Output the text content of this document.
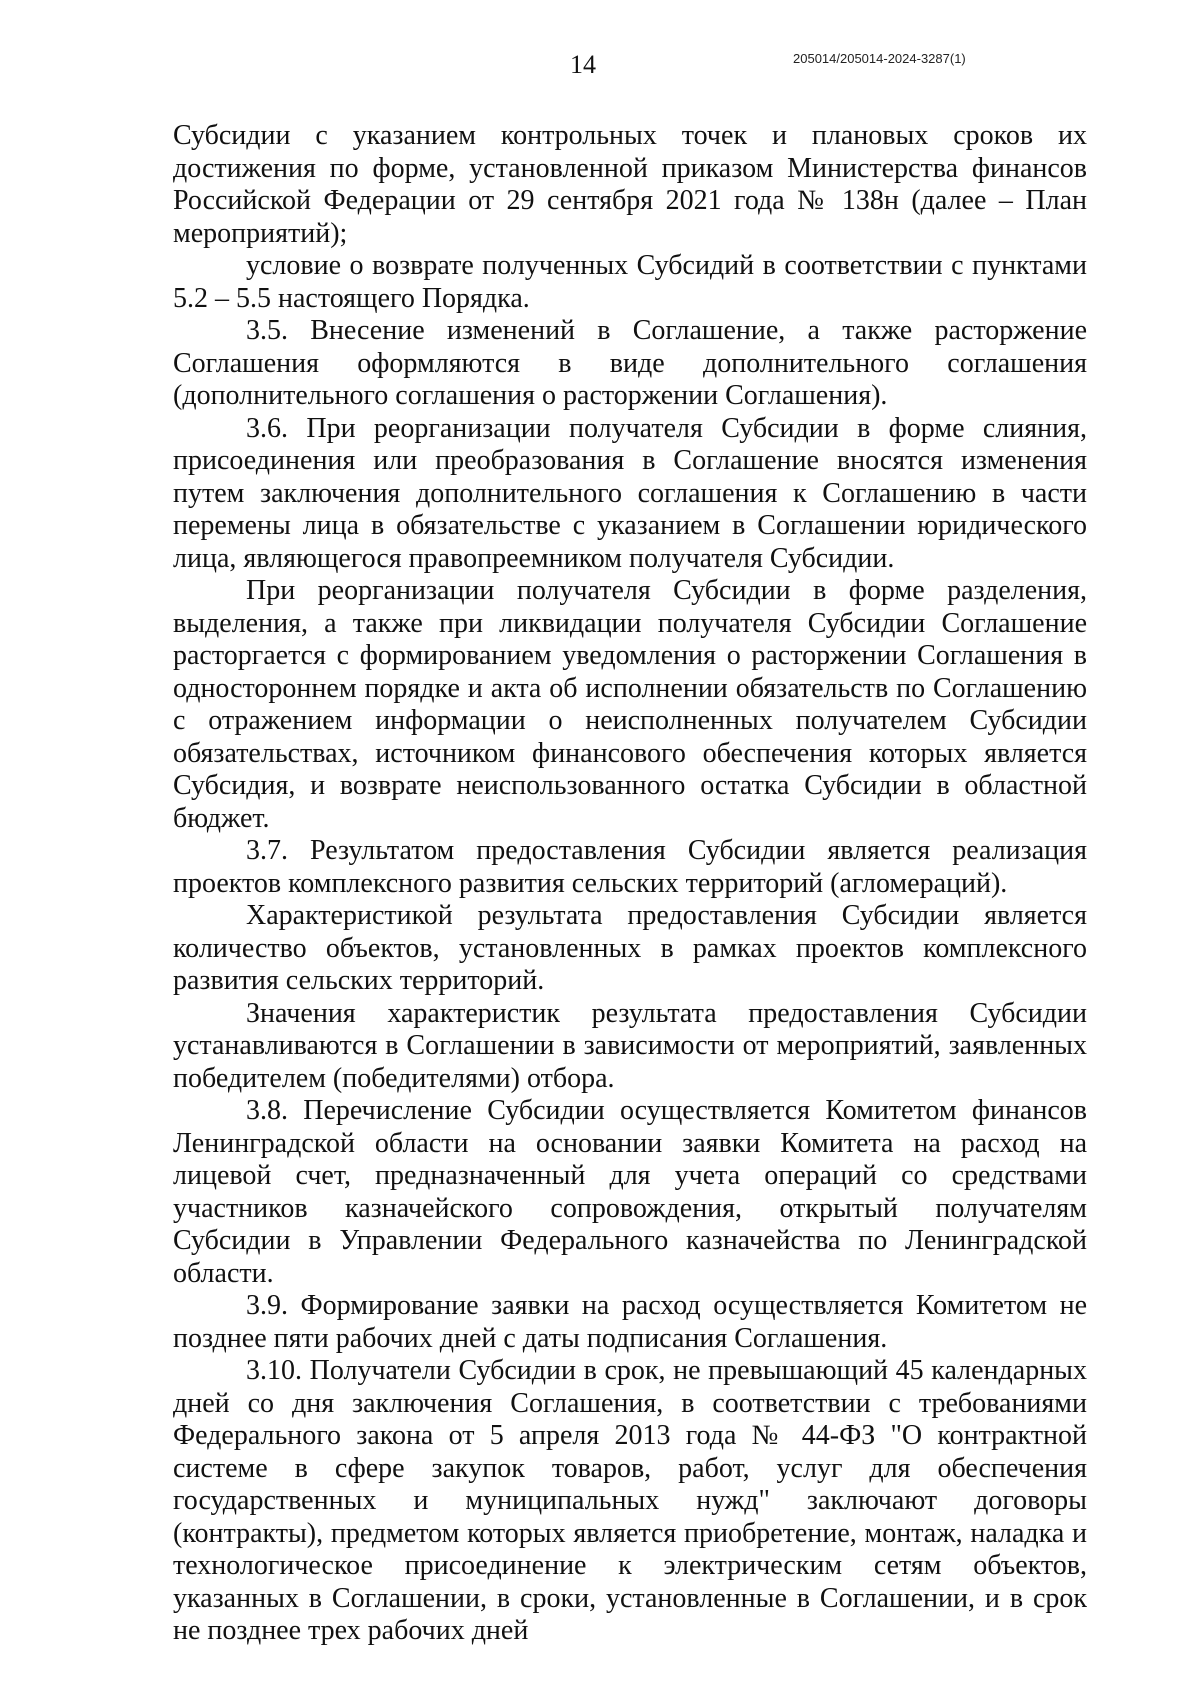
14	205014/205014-2024-3287(1)

Субсидии с указанием контрольных точек и плановых сроков их достижения по форме, установленной приказом Министерства финансов Российской Федерации от 29 сентября 2021 года № 138н (далее – План мероприятий);

условие о возврате полученных Субсидий в соответствии с пунктами 5.2 – 5.5 настоящего Порядка.

3.5. Внесение изменений в Соглашение, а также расторжение Соглашения оформляются в виде дополнительного соглашения (дополнительного соглашения о расторжении Соглашения).

3.6. При реорганизации получателя Субсидии в форме слияния, присоединения или преобразования в Соглашение вносятся изменения путем заключения дополнительного соглашения к Соглашению в части перемены лица в обязательстве с указанием в Соглашении юридического лица, являющегося правопреемником получателя Субсидии.

При реорганизации получателя Субсидии в форме разделения, выделения, а также при ликвидации получателя Субсидии Соглашение расторгается с формированием уведомления о расторжении Соглашения в одностороннем порядке и акта об исполнении обязательств по Соглашению с отражением информации о неисполненных получателем Субсидии обязательствах, источником финансового обеспечения которых является Субсидия, и возврате неиспользованного остатка Субсидии в областной бюджет.

3.7. Результатом предоставления Субсидии является реализация проектов комплексного развития сельских территорий (агломераций).

Характеристикой результата предоставления Субсидии является количество объектов, установленных в рамках проектов комплексного развития сельских территорий.

Значения характеристик результата предоставления Субсидии устанавливаются в Соглашении в зависимости от мероприятий, заявленных победителем (победителями) отбора.

3.8. Перечисление Субсидии осуществляется Комитетом финансов Ленинградской области на основании заявки Комитета на расход на лицевой счет, предназначенный для учета операций со средствами участников казначейского сопровождения, открытый получателям Субсидии в Управлении Федерального казначейства по Ленинградской области.

3.9. Формирование заявки на расход осуществляется Комитетом не позднее пяти рабочих дней с даты подписания Соглашения.

3.10. Получатели Субсидии в срок, не превышающий 45 календарных дней со дня заключения Соглашения, в соответствии с требованиями Федерального закона от 5 апреля 2013 года № 44-ФЗ "О контрактной системе в сфере закупок товаров, работ, услуг для обеспечения государственных и муниципальных нужд" заключают договоры (контракты), предметом которых является приобретение, монтаж, наладка и технологическое присоединение к электрическим сетям объектов, указанных в Соглашении, в сроки, установленные в Соглашении, и в срок не позднее трех рабочих дней
